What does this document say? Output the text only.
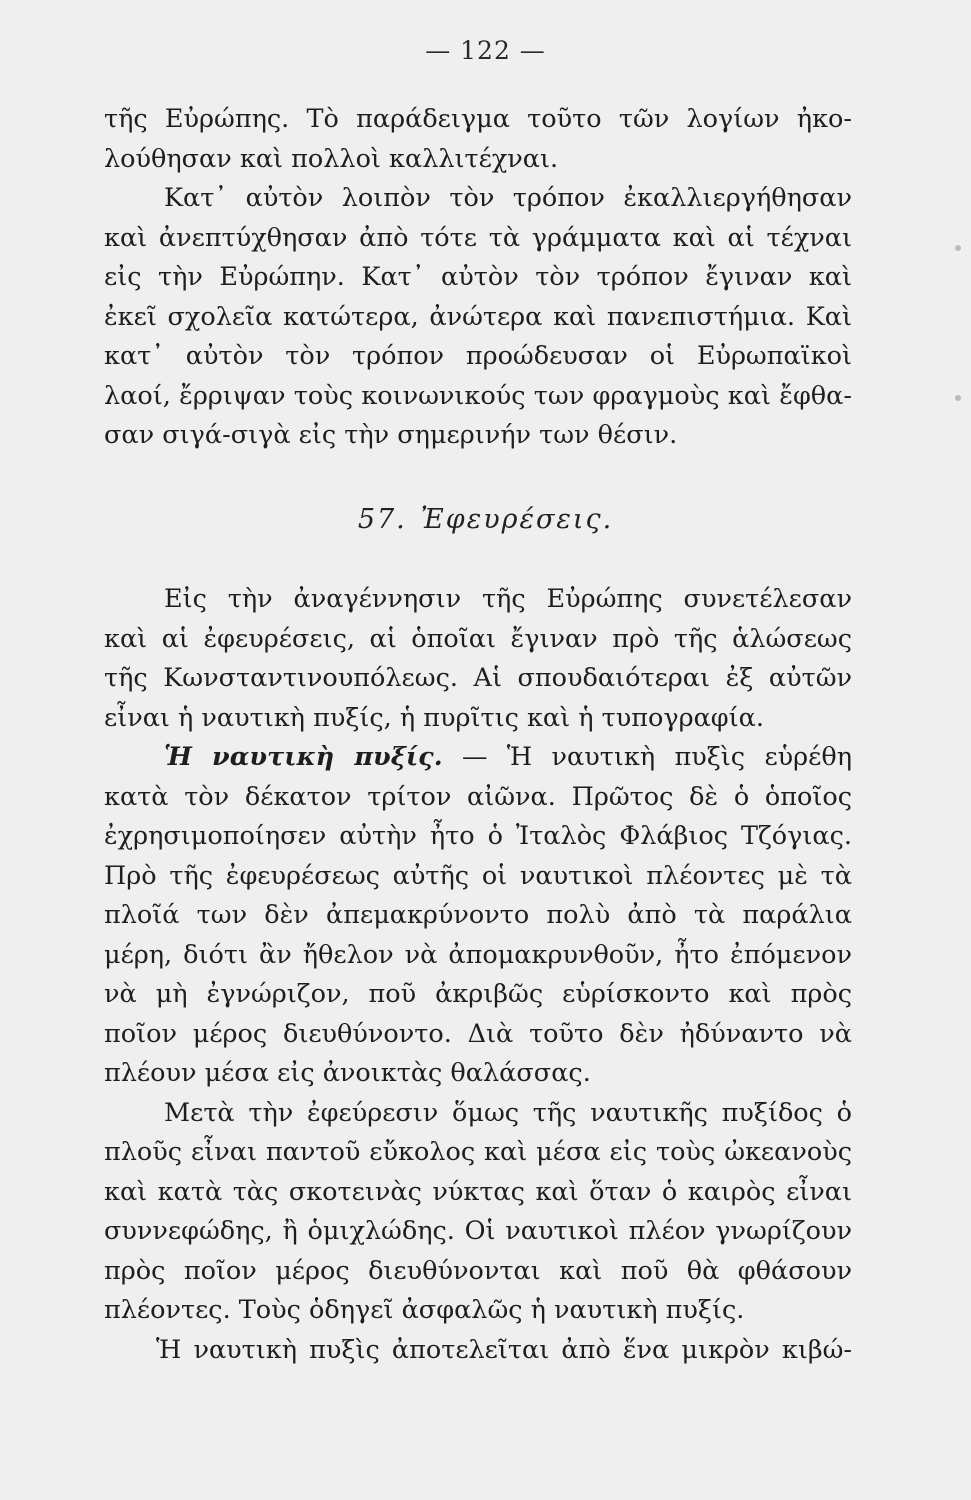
— 122 —
τῆς Εὐρώπης. Τὸ παράδειγμα τοῦτο τῶν λογίων ἠκο-
λούθησαν καὶ πολλοὶ καλλιτέχναι.
Κατ᾽ αὐτὸν λοιπὸν τὸν τρόπον ἐκαλλιεργήθησαν
καὶ ἀνεπτύχθησαν ἀπὸ τότε τὰ γράμματα καὶ αἱ τέχναι
εἰς τὴν Εὐρώπην. Κατ᾽ αὐτὸν τὸν τρόπον ἔγιναν καὶ
ἐκεῖ σχολεῖα κατώτερα, ἀνώτερα καὶ πανεπιστήμια. Καὶ
κατ᾽ αὐτὸν τὸν τρόπον προώδευσαν οἱ Εὐρωπαϊκοὶ
λαοί, ἔρριψαν τοὺς κοινωνικούς των φραγμοὺς καὶ ἔφθα-
σαν σιγά-σιγὰ εἰς τὴν σημερινήν των θέσιν.
57. Ἐφευρέσεις.
Εἰς τὴν ἀναγέννησιν τῆς Εὐρώπης συνετέλεσαν
καὶ αἱ ἐφευρέσεις, αἱ ὁποῖαι ἔγιναν πρὸ τῆς ἁλώσεως
τῆς Κωνσταντινουπόλεως. Αἱ σπουδαιότεραι ἐξ αὐτῶν
εἶναι ἡ ναυτικὴ πυξίς, ἡ πυρῖτις καὶ ἡ τυπογραφία.
Ἡ ναυτικὴ πυξίς. — Ἡ ναυτικὴ πυξὶς εὑρέθη
κατὰ τὸν δέκατον τρίτον αἰῶνα. Πρῶτος δὲ ὁ ὁποῖος
ἐχρησιμοποίησεν αὐτὴν ἦτο ὁ Ἰταλὸς Φλάβιος Τζόγιας.
Πρὸ τῆς ἐφευρέσεως αὐτῆς οἱ ναυτικοὶ πλέοντες μὲ τὰ
πλοῖά των δὲν ἀπεμακρύνοντο πολὺ ἀπὸ τὰ παράλια
μέρη, διότι ἂν ἤθελον νὰ ἀπομακρυνθοῦν, ἦτο ἐπόμενον
νὰ μὴ ἐγνώριζον, ποῦ ἀκριβῶς εὑρίσκοντο καὶ πρὸς
ποῖον μέρος διευθύνοντο. Διὰ τοῦτο δὲν ἠδύναντο νὰ
πλέουν μέσα εἰς ἀνοικτὰς θαλάσσας.
Μετὰ τὴν ἐφεύρεσιν ὅμως τῆς ναυτικῆς πυξίδος ὁ
πλοῦς εἶναι παντοῦ εὔκολος καὶ μέσα εἰς τοὺς ὠκεανοὺς
καὶ κατὰ τὰς σκοτεινὰς νύκτας καὶ ὅταν ὁ καιρὸς εἶναι
συννεφώδης, ἢ ὁμιχλώδης. Οἱ ναυτικοὶ πλέον γνωρίζουν
πρὸς ποῖον μέρος διευθύνονται καὶ ποῦ θὰ φθάσουν
πλέοντες. Τοὺς ὁδηγεῖ ἀσφαλῶς ἡ ναυτικὴ πυξίς.
Ἡ ναυτικὴ πυξὶς ἀποτελεῖται ἀπὸ ἕνα μικρὸν κιβώ-
